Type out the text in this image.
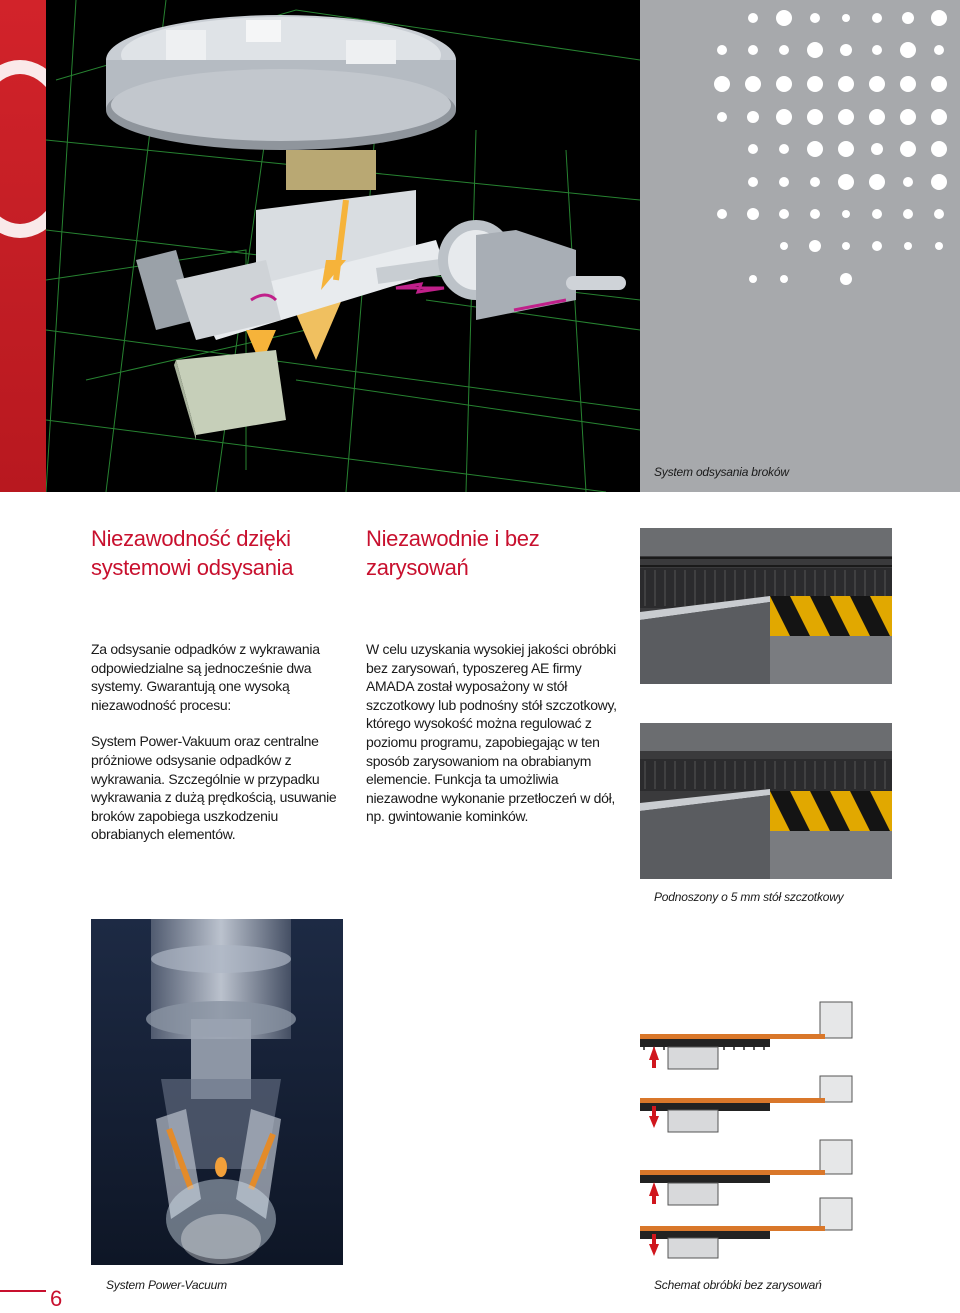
System odsysania broków
Niezawodność dzięki
systemowi odsysania
Niezawodnie i bez
zarysowań

Za odsysanie odpadków z wykrawania odpowiedzialne są jednocześnie dwa systemy. Gwarantują one wysoką niezawodność procesu:

System Power-Vakuum oraz centralne próżniowe odsysanie odpadków z wykrawania. Szczególnie w przypadku wykrawania z dużą prędkością, usuwanie broków zapobiega uszkodzeniu obrabianych elementów.

W celu uzyskania wysokiej jakości obróbki bez zarysowań, typoszereg AE firmy AMADA został wyposażony w stół szczotkowy lub podnośny stół szczotkowy, którego wysokość można regulować z poziomu programu, zapobiegając w ten sposób zarysowaniom na obrabianym elemencie. Funkcja ta umożliwia niezawodne wykonanie przetłoczeń w dół, np. gwintowanie kominków.

Podnoszony o 5 mm stół szczotkowy
6
System Power-Vacuum	Schemat obróbki bez zarysowań
